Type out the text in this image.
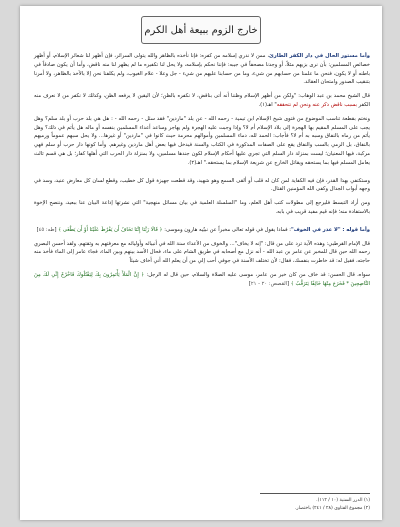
خارج الزوم ببيعة أهل الكرم

وأما مستور الحال في دار الكفر الطارئ، ممن لا ندري إسلامه من كفره: فإنا نأخذه بالظاهر والله يتولى السرائر، فإن أظهر لنا شعائر الإسلام، أو أظهر خصائص المسلمين: بأن نرى بزيهم مثلاً، أو وجدنا مصحفاً في جيبه: فإننا نحكم بإسلامه، ولا يحل لنا تكفيره ما لم يظهر لنا منه ناقض، وأما أن يكون صادقاً في باطنه أو لا يكون، فنحن ما علمنا من حسابهم من شيء، وما من حسابنا عليهم من شيء - جل وعلا - علام الغيوب، ولم يكلفنا نحن إلا بالأخذ بالظاهر، ولا أمرنا بتنقيب الصدور وامتحان العقائد.

قال الشيخ محمد بن عبد الوهاب: "ولكن من أظهر الإسلام وظننا أنه أتى بناقض، لا نكفره بالظن؛ لأن اليقين لا يرفعه الظن، وكذلك لا نكفر من لا نعرف منه الكفر بسبب ناقض ذكر عنه ونحن لم نتحققه" اهـ(١).

ونختم بقطعة تناسب الموضوع من فتوى شيخ الإسلام ابن تيمية - رحمه الله - عن بلد "ماردين" فقد سئل - رحمه الله - : هل هي بلد حرب أو بلد سلم؟ وهل يجب على المسلم المقيم بها الهجرة إلى بلاد الإسلام أم لا؟ وإذا وجبت عليه الهجرة ولم يهاجر وساعد أعداء المسلمين بنفسه أو ماله هل يأثم في ذلك؟ وهل يأثم من رماه بالنفاق وسبه به أم لا؟ فأجاب: الحمد لله، دماء المسلمين وأموالهم محرمة حيث كانوا في "ماردين" أو غيرها... ولا يحل سبهم عموماً ورميهم بالنفاق، بل الرمي بالسب والنفاق يقع على الصفات المذكورة في الكتاب والسنة فيدخل فيها بعض أهل ماردين وغيرهم. وأما كونها دار حرب أو سلم فهي مركبة، فيها المعنيان؛ ليست بمنزلة دار السلم التي تجري عليها أحكام الإسلام لكون جندها مسلمين، ولا بمنزلة دار الحرب التي أهلها كفار؛ بل هي قسم ثالث يعامل المسلم فيها بما يستحقه ويقاتل الخارج عن شريعة الإسلام بما يستحقه." اهـ(٢).

وستكتفي بهذا القدر، فإن فيه الكفاية لمن كان له قلب أو ألقى السمع وهو شهيد، وقد قطعت جهيزة قول كل خطيب، وقطع لسان كل معارض عنيد، وسد في وجهه أبواب الجدال وكفى الله المؤمنين القتال.

ومن أراد التبسط فليرجع إلى مطولات كتب أهل العلم، وما "السلسلة العلمية في بيان مسائل منهجية" التي نشرتها إذاعة البيان عنا ببعيد، وننصح الإخوة بالاستفادة منه؛ فإنه قيم مفيد قريب في بابه.

وأما قوله : "لا عذر في الخوف": فماذا يقول في قوله تعالى مخبراً عن نبيّيه هارون وموسى: ﴿ قَالَا رَبَّنَا إِنَّنَا نَخَافُ أَن يَفْرُطَ عَلَيْنَا أَوْ أَن يَطْغَى ﴾ [طه: ٤٥]

قال الإمام القرطبي: وهذه الآية ترد على من قال: "إنه لا يخاف"... والخوف من الأعداء سنة الله في أنبيائه وأوليائه مع معرفتهم به وثقتهم. ولقد أحسن البصري رحمه الله حين قال للمخبر عن عامر بن عبد الله - أنه نزل مع أصحابه في طريق الشام على ماء، فحال الأسد بينهم وبين الماء، فجاء عامر إلى الماء فأخذ منه حاجته، فقيل له: قد خاطرت بنفسك، فقال: لأن تختلف الأسنة في جوفي أحب إلي من أن يعلم الله أني أخاف شيئاً

سواه، قال الحسن: قد خاف من كان خير من عامر، موسى عليه الصلاة والسلام، حين قال له الرجل: ﴿ إِنَّ الْمَلَأَ يَأْتَمِرُونَ بِكَ لِيَقْتُلُوكَ فَاخْرُجْ إِنِّي لَكَ مِنَ النَّاصِحِينَ * فَخَرَجَ مِنْهَا خَائِفًا يَتَرَقَّبُ ﴾ [القصص: ٢٠ - ٢١]

(١) الدرر السنية (١٠ / ١١٢).
(٢) مجموع الفتاوى (٢٨ / ٢٤١) باختصار.
